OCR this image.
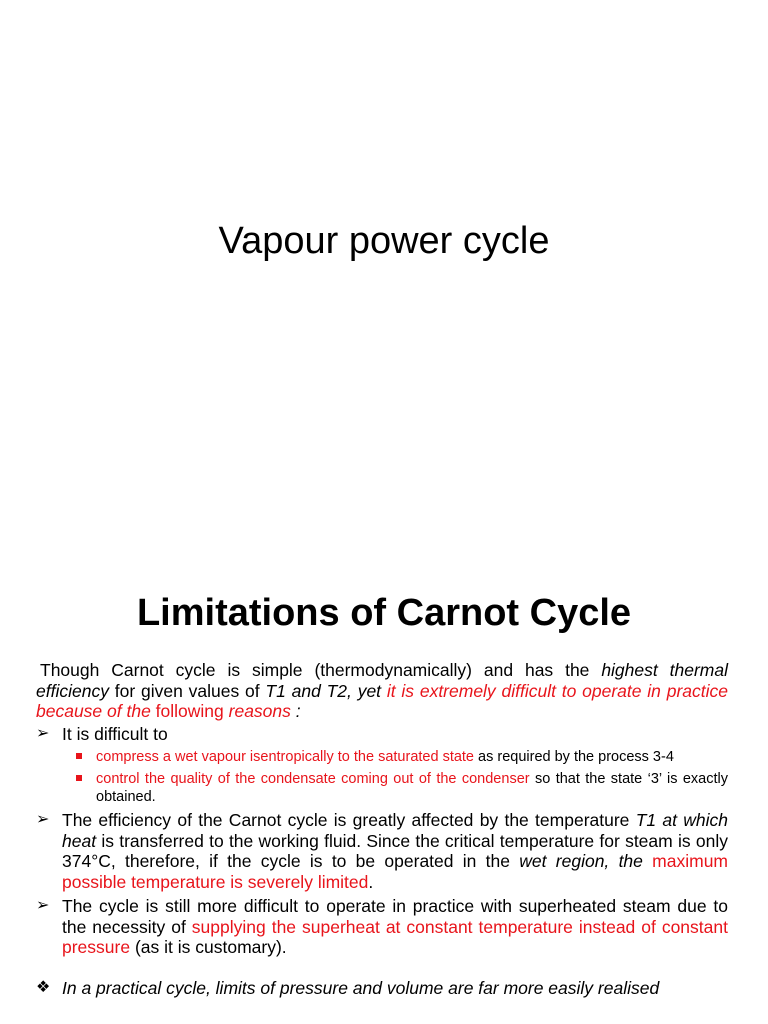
Vapour power cycle
Limitations of Carnot Cycle

Though Carnot cycle is simple (thermodynamically) and has the highest thermal efficiency for given values of T1 and T2, yet it is extremely difficult to operate in practice because of the following reasons :

➢ It is difficult to
compress a wet vapour isentropically to the saturated state as required by the process 3-4
control the quality of the condensate coming out of the condenser so that the state ‘3’ is exactly obtained.
➢ The efficiency of the Carnot cycle is greatly affected by the temperature T1 at which heat is transferred to the working fluid. Since the critical temperature for steam is only 374°C, therefore, if the cycle is to be operated in the wet region, the maximum possible temperature is severely limited.
➢ The cycle is still more difficult to operate in practice with superheated steam due to the necessity of supplying the superheat at constant temperature instead of constant pressure (as it is customary).
❖ In a practical cycle, limits of pressure and volume are far more easily realised
